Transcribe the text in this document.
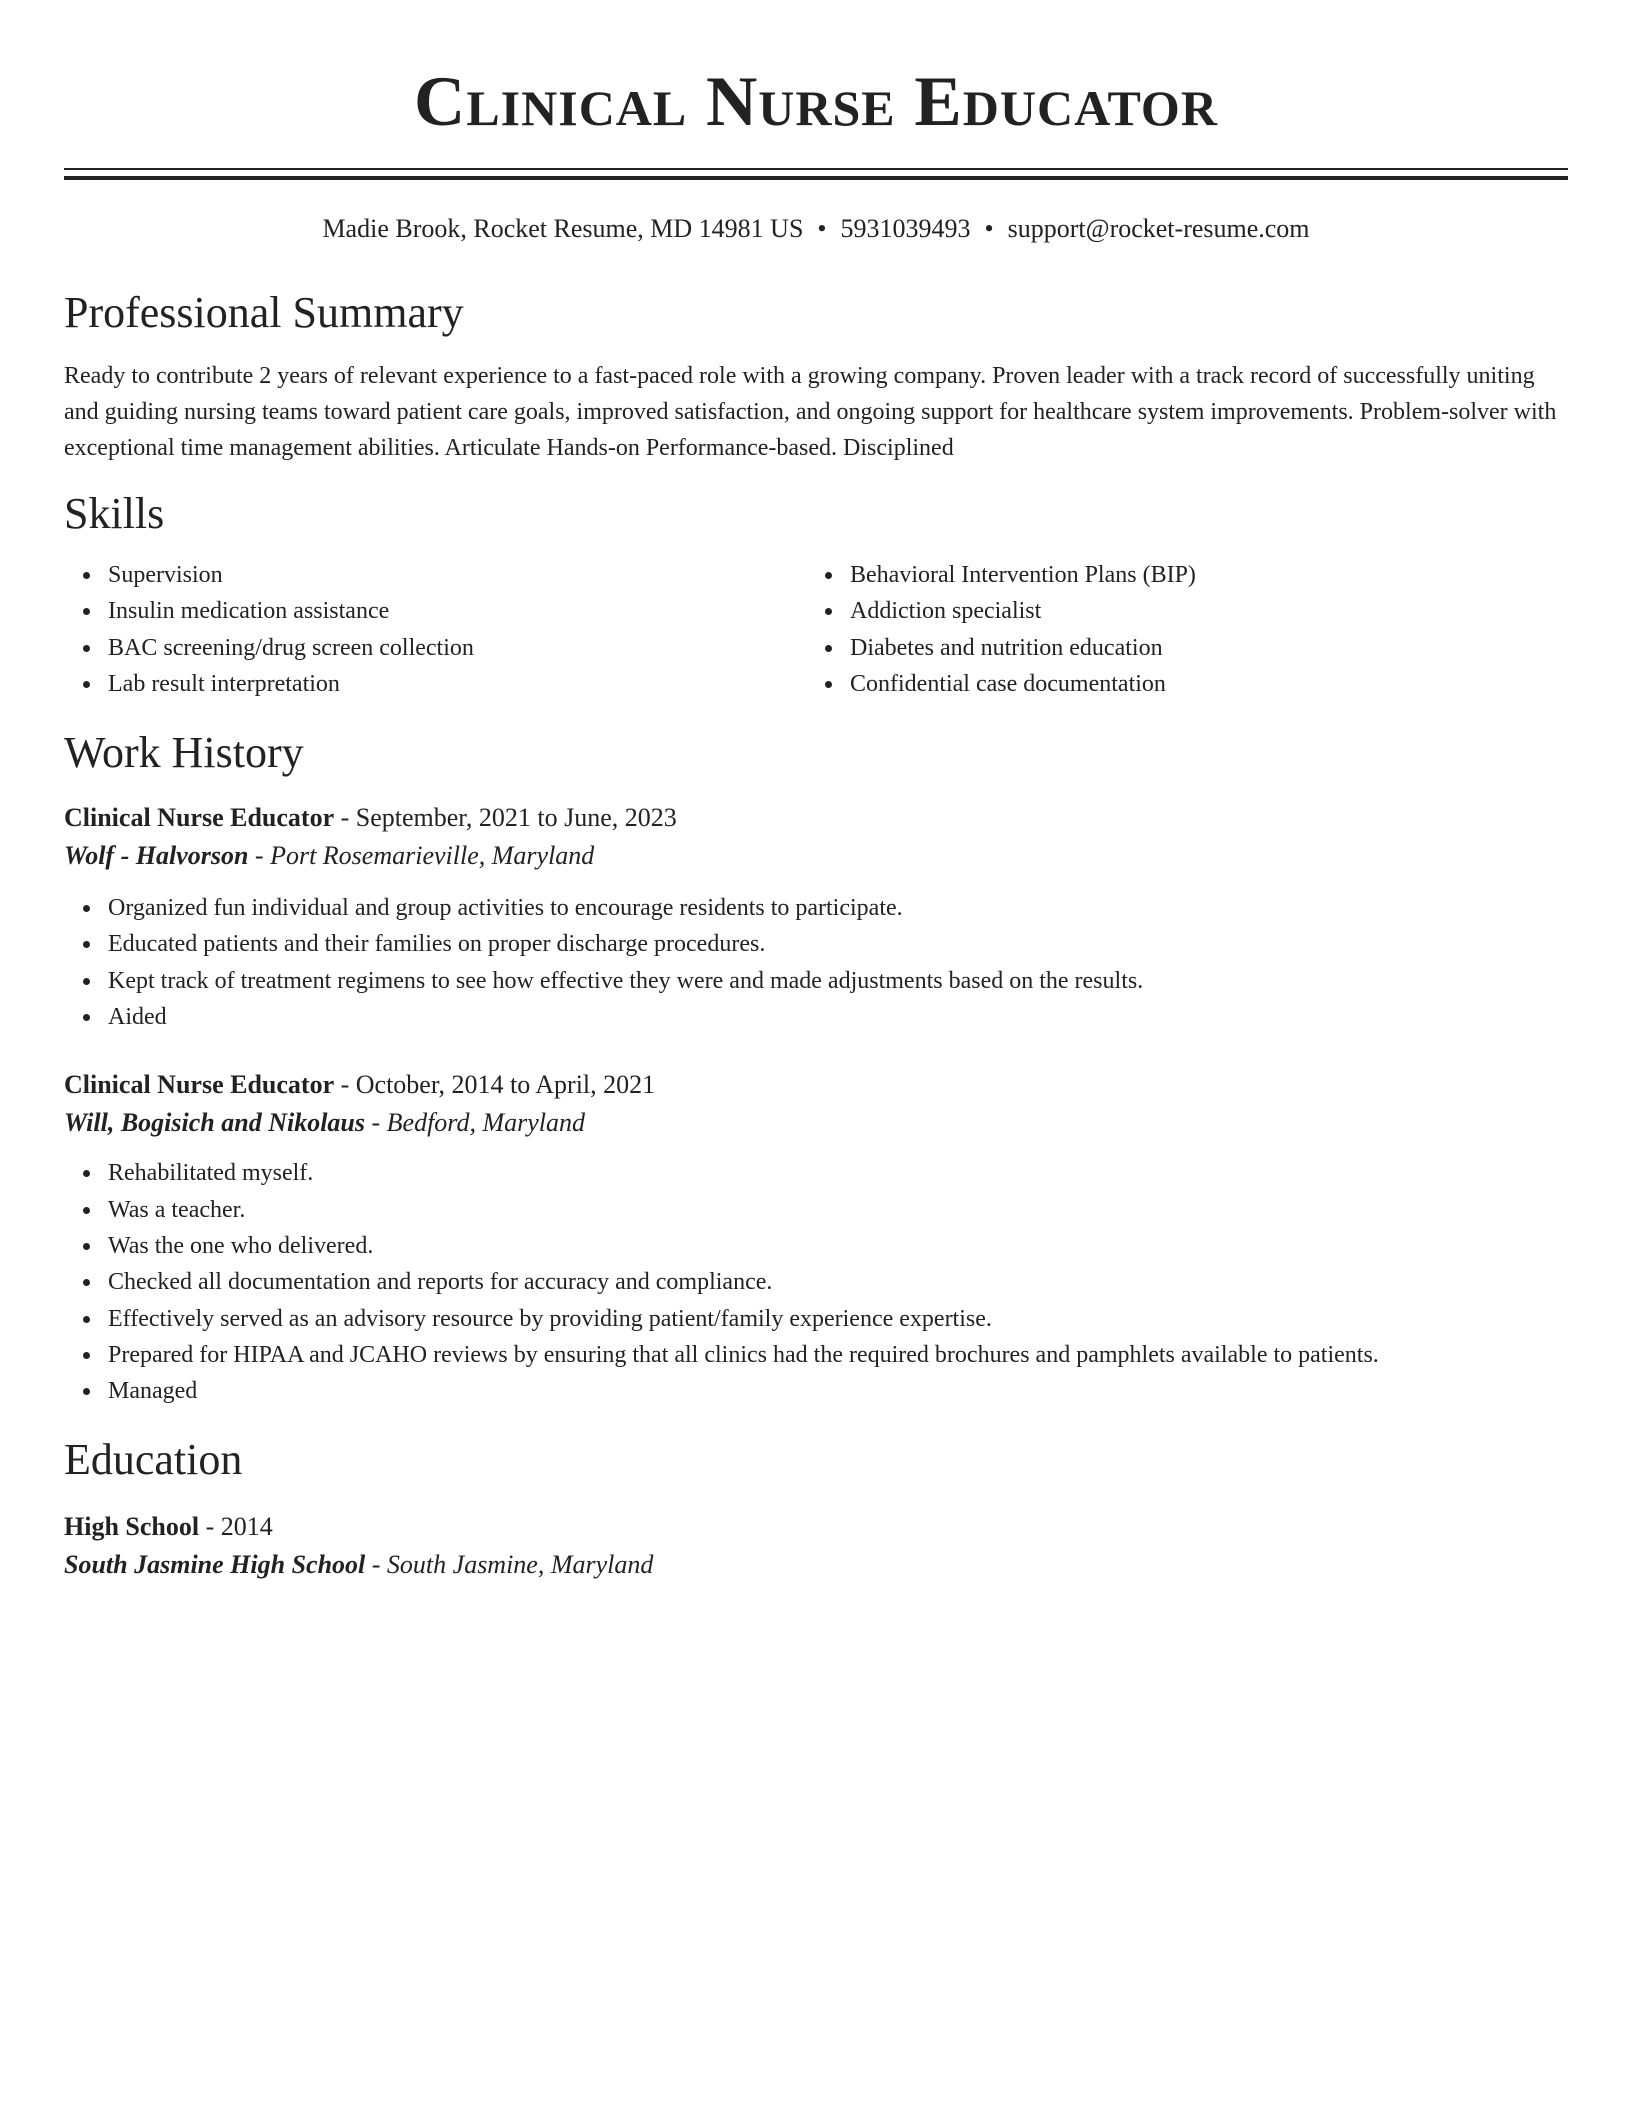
Clinical Nurse Educator
Madie Brook, Rocket Resume, MD 14981 US • 5931039493 • support@rocket-resume.com
Professional Summary

Ready to contribute 2 years of relevant experience to a fast-paced role with a growing company. Proven leader with a track record of successfully uniting and guiding nursing teams toward patient care goals, improved satisfaction, and ongoing support for healthcare system improvements. Problem-solver with exceptional time management abilities. Articulate Hands-on Performance-based. Disciplined

Skills
Supervision
Insulin medication assistance
BAC screening/drug screen collection
Lab result interpretation
Behavioral Intervention Plans (BIP)
Addiction specialist
Diabetes and nutrition education
Confidential case documentation
Work History
Clinical Nurse Educator - September, 2021 to June, 2023
Wolf - Halvorson - Port Rosemarieville, Maryland
Organized fun individual and group activities to encourage residents to participate.
Educated patients and their families on proper discharge procedures.
Kept track of treatment regimens to see how effective they were and made adjustments based on the results.
Aided
Clinical Nurse Educator - October, 2014 to April, 2021
Will, Bogisich and Nikolaus - Bedford, Maryland
Rehabilitated myself.
Was a teacher.
Was the one who delivered.
Checked all documentation and reports for accuracy and compliance.
Effectively served as an advisory resource by providing patient/family experience expertise.
Prepared for HIPAA and JCAHO reviews by ensuring that all clinics had the required brochures and pamphlets available to patients.
Managed
Education
High School - 2014
South Jasmine High School - South Jasmine, Maryland
